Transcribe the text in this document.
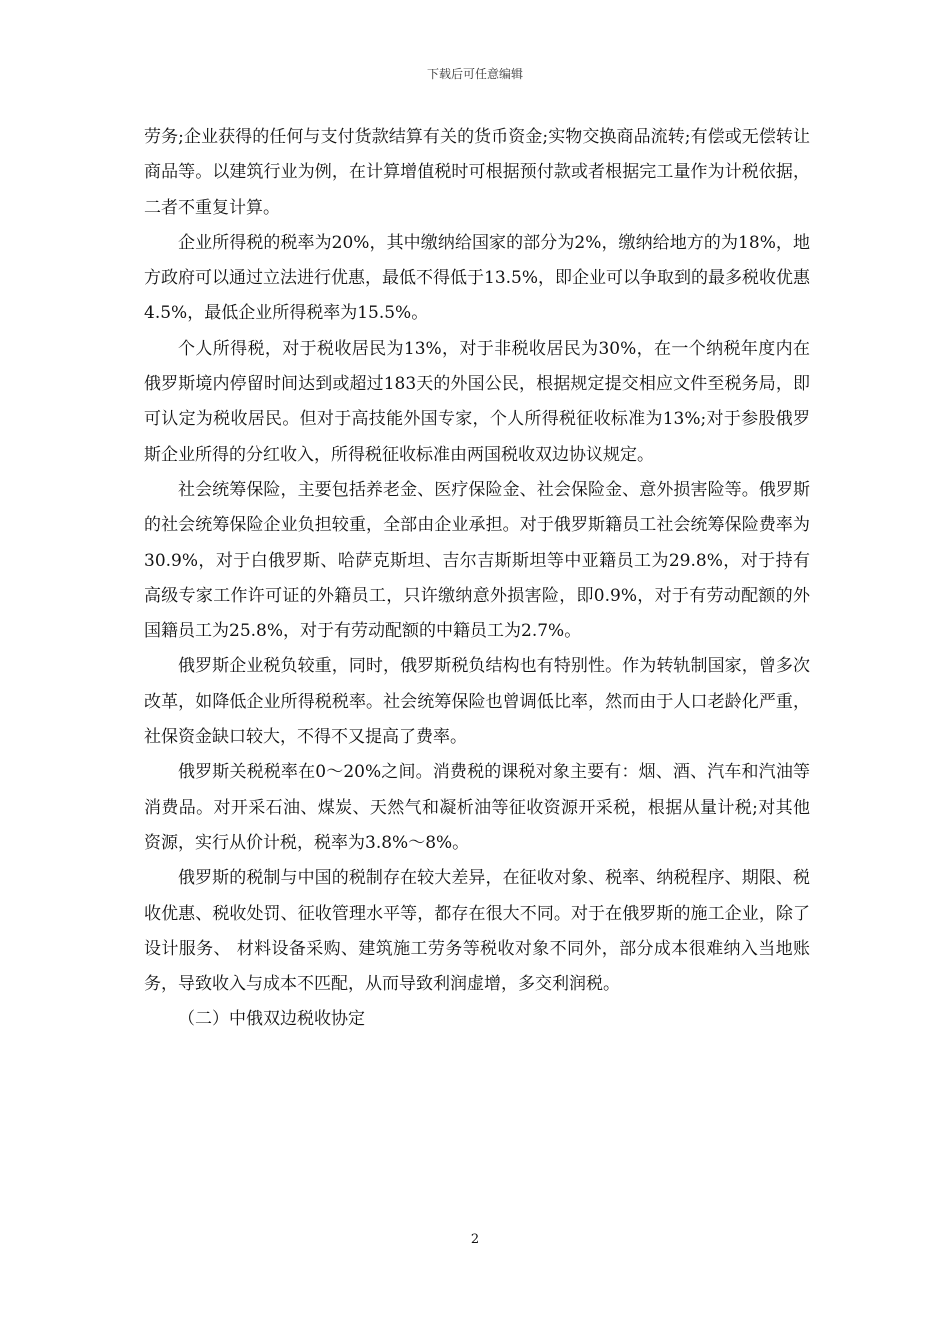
下载后可任意编辑

劳务;企业获得的任何与支付货款结算有关的货币资金;实物交换商品流转;有偿或无偿转让商品等。以建筑行业为例，在计算增值税时可根据预付款或者根据完工量作为计税依据，二者不重复计算。

企业所得税的税率为20%，其中缴纳给国家的部分为2%，缴纳给地方的为18%，地方政府可以通过立法进行优惠，最低不得低于13.5%，即企业可以争取到的最多税收优惠4.5%，最低企业所得税率为15.5%。

个人所得税，对于税收居民为13%，对于非税收居民为30%，在一个纳税年度内在俄罗斯境内停留时间达到或超过183天的外国公民，根据规定提交相应文件至税务局，即可认定为税收居民。但对于高技能外国专家，个人所得税征收标准为13%;对于参股俄罗斯企业所得的分红收入，所得税征收标准由两国税收双边协议规定。

社会统筹保险，主要包括养老金、医疗保险金、社会保险金、意外损害险等。俄罗斯的社会统筹保险企业负担较重，全部由企业承担。对于俄罗斯籍员工社会统筹保险费率为30.9%，对于白俄罗斯、哈萨克斯坦、吉尔吉斯斯坦等中亚籍员工为29.8%，对于持有高级专家工作许可证的外籍员工，只许缴纳意外损害险，即0.9%，对于有劳动配额的外国籍员工为25.8%，对于有劳动配额的中籍员工为2.7%。

俄罗斯企业税负较重，同时，俄罗斯税负结构也有特别性。作为转轨制国家，曾多次改革，如降低企业所得税税率。社会统筹保险也曾调低比率，然而由于人口老龄化严重，社保资金缺口较大，不得不又提高了费率。

俄罗斯关税税率在0～20%之间。消费税的课税对象主要有：烟、酒、汽车和汽油等消费品。对开采石油、煤炭、天然气和凝析油等征收资源开采税，根据从量计税;对其他资源，实行从价计税，税率为3.8%～8%。

俄罗斯的税制与中国的税制存在较大差异，在征收对象、税率、纳税程序、期限、税收优惠、税收处罚、征收管理水平等，都存在很大不同。对于在俄罗斯的施工企业，除了设计服务、 材料设备采购、建筑施工劳务等税收对象不同外，部分成本很难纳入当地账务，导致收入与成本不匹配，从而导致利润虚增，多交利润税。

（二）中俄双边税收协定

2
